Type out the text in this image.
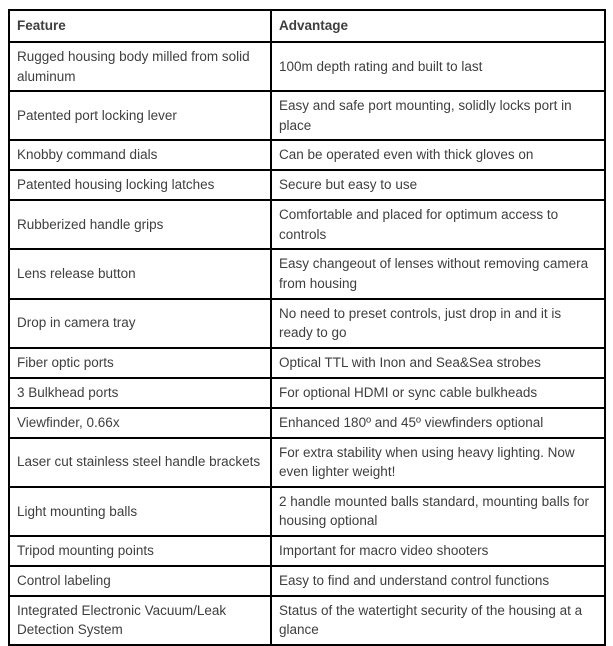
Feature	Advantage
Rugged housing body milled from solid aluminum	100m depth rating and built to last
Patented port locking lever	Easy and safe port mounting, solidly locks port in place
Knobby command dials	Can be operated even with thick gloves on
Patented housing locking latches	Secure but easy to use
Rubberized handle grips	Comfortable and placed for optimum access to controls
Lens release button	Easy changeout of lenses without removing camera from housing
Drop in camera tray	No need to preset controls, just drop in and it is ready to go
Fiber optic ports	Optical TTL with Inon and Sea&Sea strobes
3 Bulkhead ports	For optional HDMI or sync cable bulkheads
Viewfinder, 0.66x	Enhanced 180º and 45º viewfinders optional
Laser cut stainless steel handle brackets	For extra stability when using heavy lighting. Now even lighter weight!
Light mounting balls	2 handle mounted balls standard, mounting balls for housing optional
Tripod mounting points	Important for macro video shooters
Control labeling	Easy to find and understand control functions
Integrated Electronic Vacuum/Leak Detection System	Status of the watertight security of the housing at a glance
